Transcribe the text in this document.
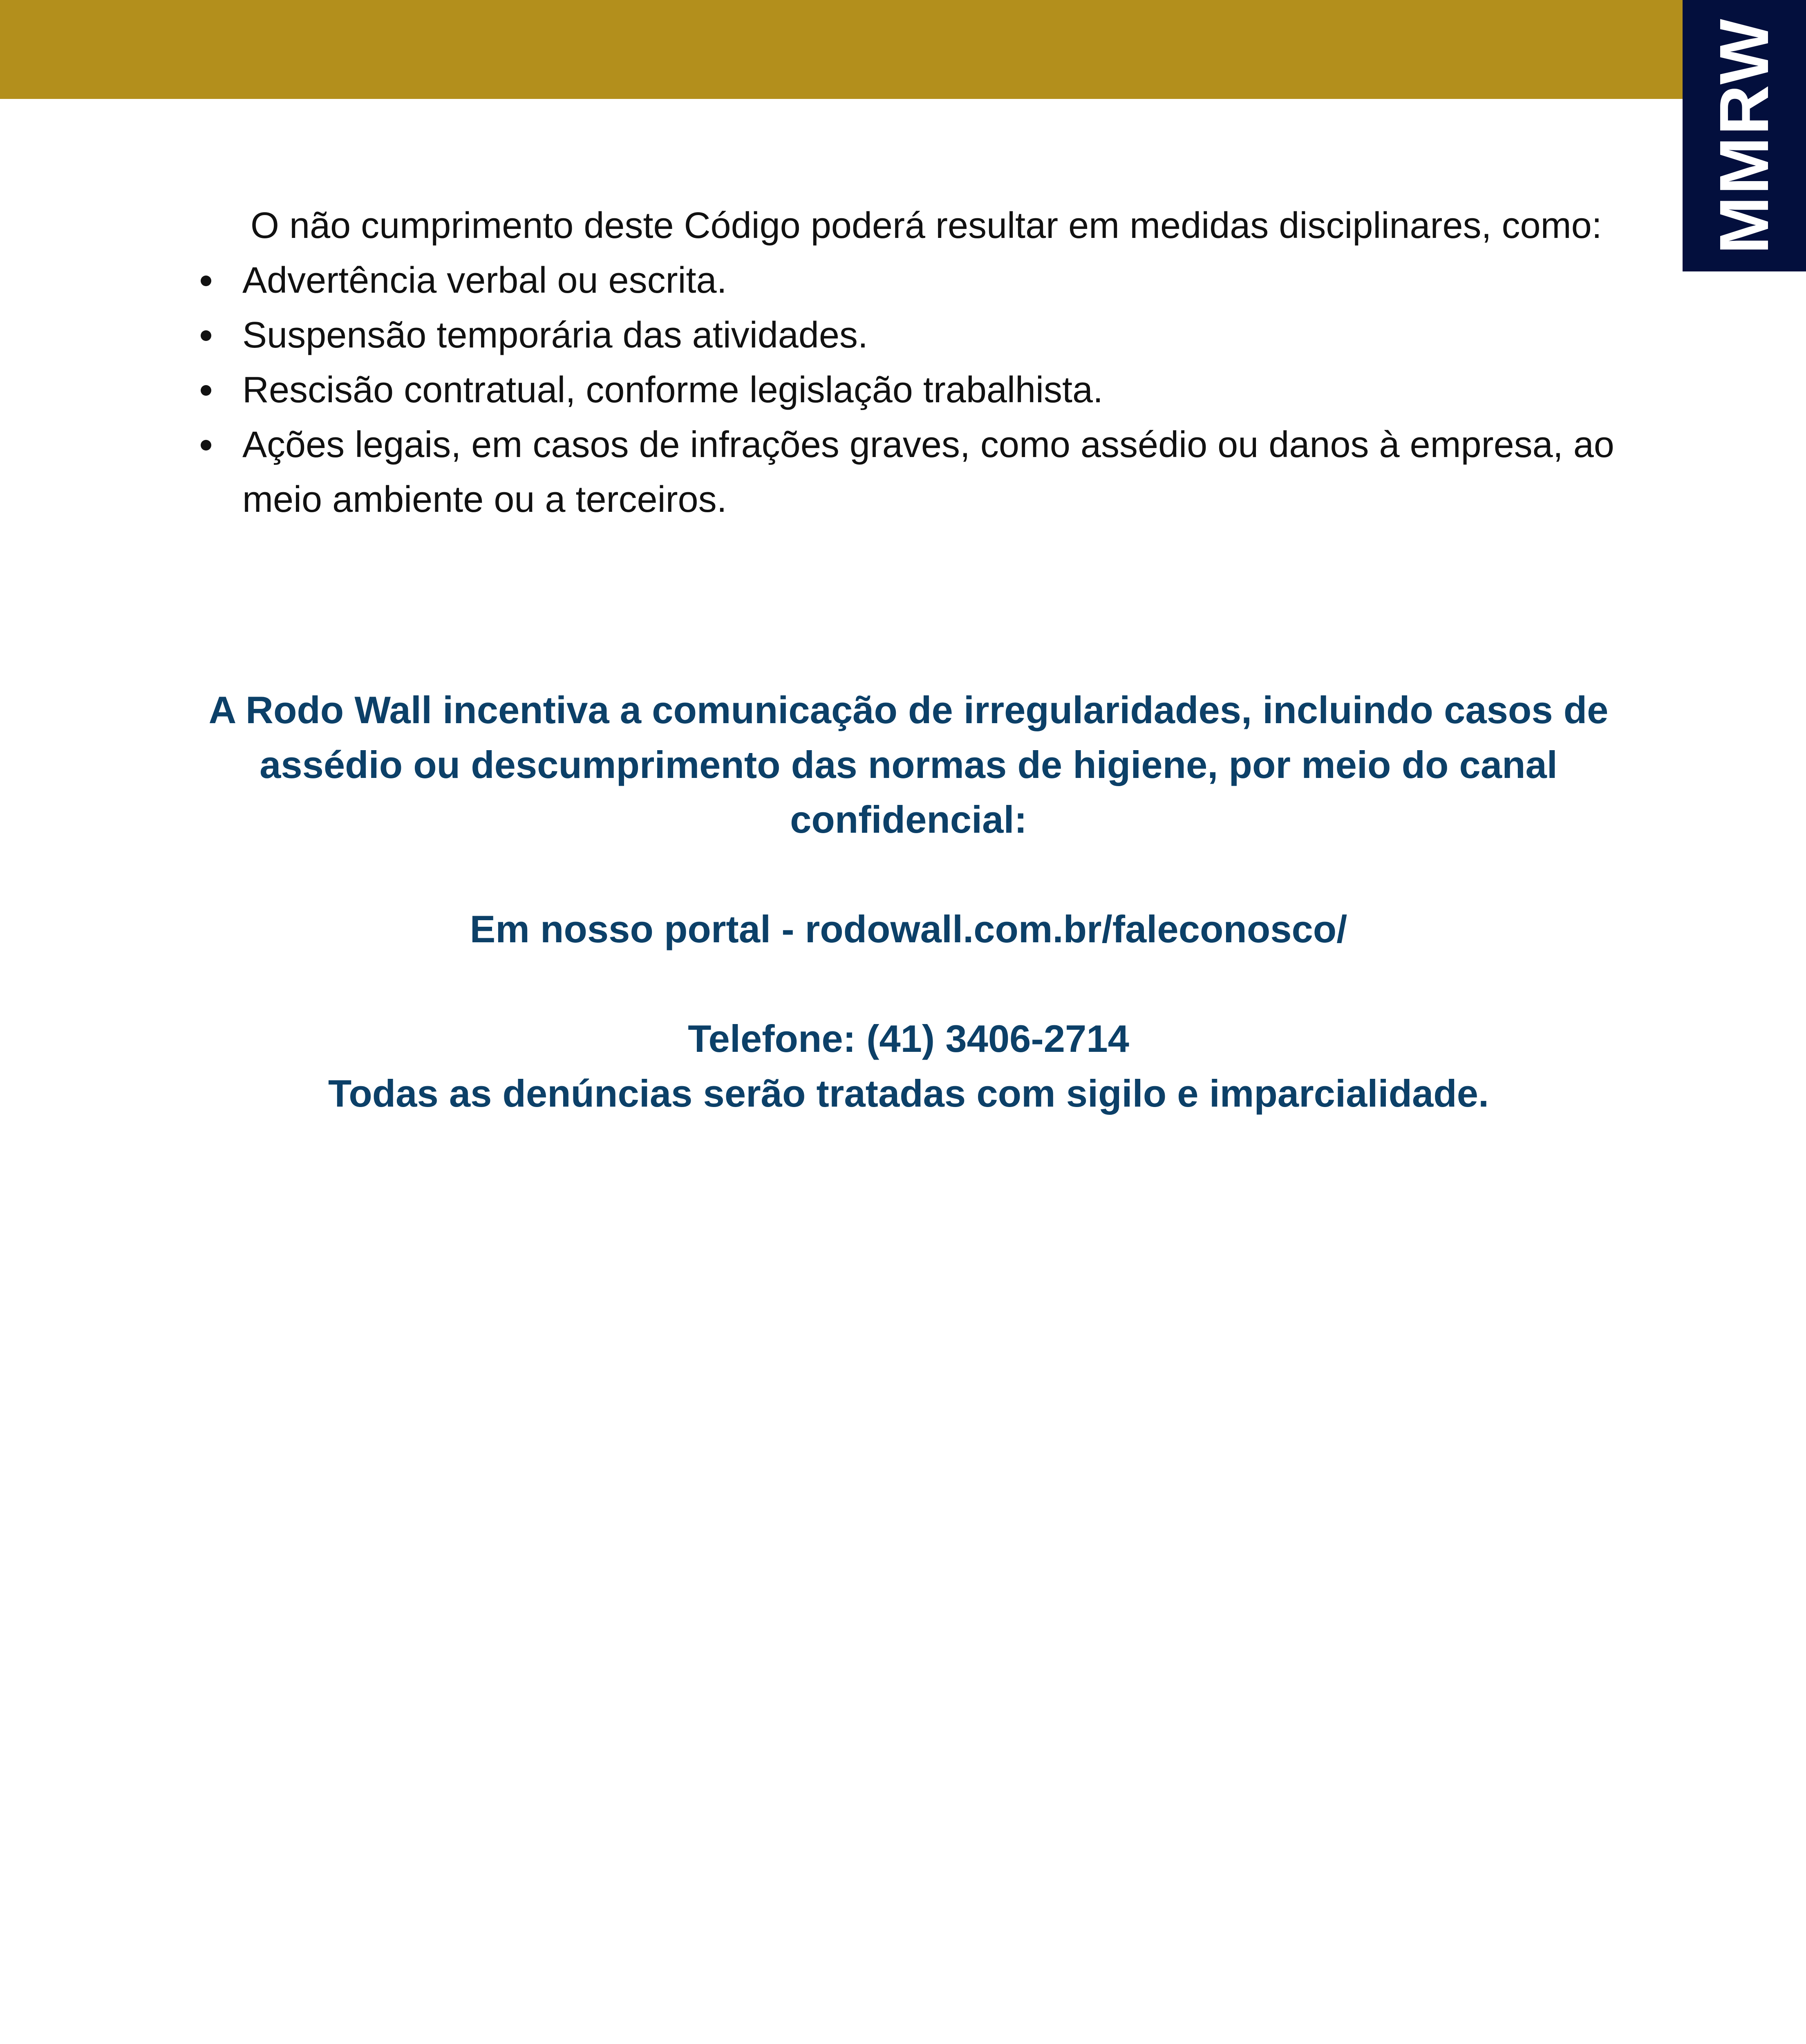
MMRW

O não cumprimento deste Código poderá resultar em medidas disciplinares, como:

Advertência verbal ou escrita.
Suspensão temporária das atividades.
Rescisão contratual, conforme legislação trabalhista.
Ações legais, em casos de infrações graves, como assédio ou danos à empresa, ao meio ambiente ou a terceiros.

A Rodo Wall incentiva a comunicação de irregularidades, incluindo casos de assédio ou descumprimento das normas de higiene, por meio do canal confidencial:

Em nosso portal - rodowall.com.br/faleconosco/

Telefone: (41) 3406-2714

Todas as denúncias serão tratadas com sigilo e imparcialidade.
